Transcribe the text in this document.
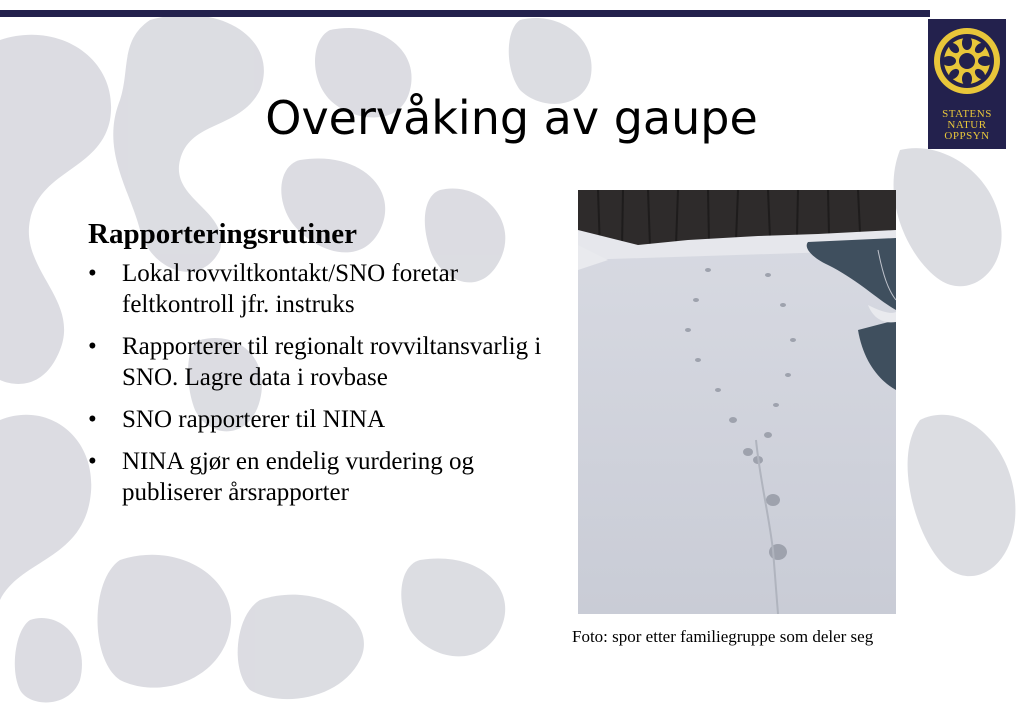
STATENS
NATUR
OPPSYN
Overvåking av gaupe
Rapporteringsrutiner
• Lokal rovviltkontakt/SNO foretar feltkontroll jfr. instruks
• Rapporterer til regionalt rovviltansvarlig i SNO. Lagre data i rovbase
• SNO rapporterer til NINA
• NINA gjør en endelig vurdering og publiserer årsrapporter
Foto: spor etter familiegruppe som deler seg
